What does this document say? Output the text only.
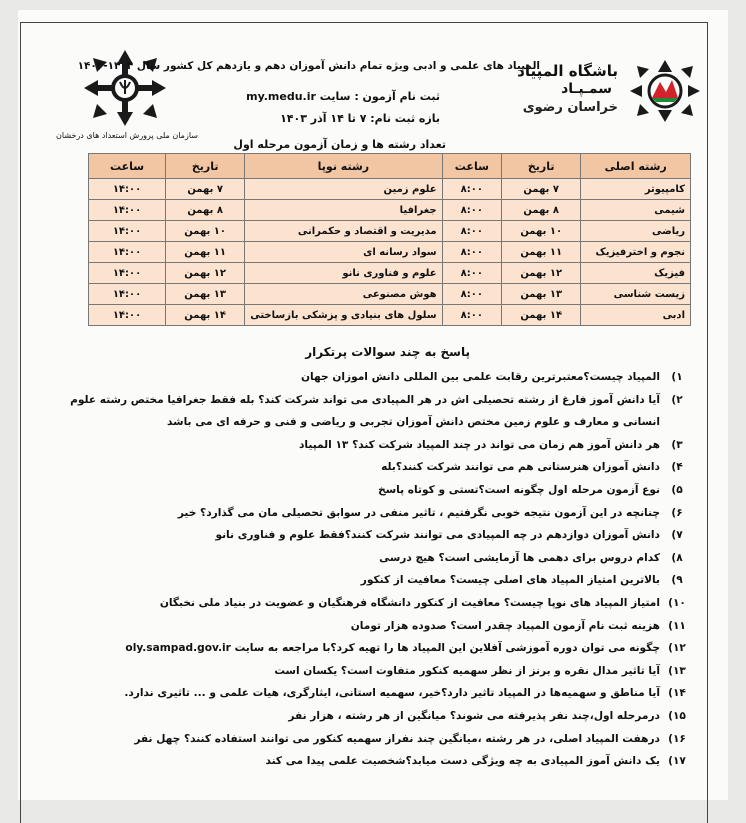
سازمان ملی پرورش استعداد های درخشان
باشگاه المپیاد
سمـپـاد
خراسان رضوی
المپیاد های علمی و ادبی ویژه تمام دانش آموزان دهم و یازدهم کل کشور سال ۱۴۰۴-۱۴۰۳
ثبت نام آزمون : سایت my.medu.ir
بازه ثبت نام: ۷ تا ۱۴ آذر ۱۴۰۳
تعداد رشته ها و زمان آزمون مرحله اول
رشته اصلی	تاریخ	ساعت	رشته نوپا	تاریخ	ساعت
کامپیوتر	۷ بهمن	۸:۰۰	علوم زمین	۷ بهمن	۱۴:۰۰
شیمی	۸ بهمن	۸:۰۰	جغرافیا	۸ بهمن	۱۴:۰۰
ریاضی	۱۰ بهمن	۸:۰۰	مدیریت و اقتصاد و حکمرانی	۱۰ بهمن	۱۴:۰۰
نجوم و اخترفیزیک	۱۱ بهمن	۸:۰۰	سواد رسانه ای	۱۱ بهمن	۱۴:۰۰
فیزیک	۱۲ بهمن	۸:۰۰	علوم و فناوری نانو	۱۲ بهمن	۱۴:۰۰
زیست شناسی	۱۳ بهمن	۸:۰۰	هوش مصنوعی	۱۳ بهمن	۱۴:۰۰
ادبی	۱۴ بهمن	۸:۰۰	سلول های بنیادی و پزشکی بازساختی	۱۴ بهمن	۱۴:۰۰
پاسخ به چند سوالات پرتکرار
۱)
المپیاد چیست؟معتبرترین رقابت علمی بین المللی دانش اموزان جهان
۲)
آیا دانش آموز فارغ از رشته تحصیلی اش در هر المپیادی می تواند شرکت کند؟ بله فقط جغرافیا مختص رشته علوم انسانی و معارف و علوم زمین مختص دانش آموزان تجربی و ریاضی و فنی و حرفه ای می باشد
۳)
هر دانش آموز هم زمان می تواند در چند المپیاد شرکت کند؟ ۱۳ المپیاد
۴)
دانش آموزان هنرستانی هم می توانند شرکت کنند؟بله
۵)
نوع آزمون مرحله اول چگونه است؟تستی و کوتاه پاسخ
۶)
چنانچه در این آزمون نتیجه خوبی نگرفتیم ، تاثیر منفی در سوابق تحصیلی مان می گذارد؟ خیر
۷)
دانش آموزان دوازدهم در چه المپیادی می توانند شرکت کنند؟فقط علوم و فناوری نانو
۸)
کدام دروس برای دهمی ها آزمایشی است؟ هیچ درسی
۹)
بالاترین امتیاز المپیاد های اصلی چیست؟ معافیت از کنکور
۱۰)
امتیاز المپیاد های نوپا چیست؟ معافیت از کنکور دانشگاه فرهنگیان و عضویت در بنیاد ملی نخبگان
۱۱)
هزینه ثبت نام آزمون المپیاد چقدر است؟ صدوده هزار تومان
۱۲)
چگونه می توان دوره آموزشی آفلاین این المپیاد ها را تهیه کرد؟با مراجعه به سایت oly.sampad.gov.ir
۱۳)
آیا تاثیر مدال نقره و برنز از نظر سهمیه کنکور متفاوت است؟ یکسان است
۱۴)
آیا مناطق و سهمیه‌ها در المپیاد تاثیر دارد؟خیر، سهمیه استانی، ایثارگری، هیات علمی و ... تاثیری ندارد.
۱۵)
درمرحله اول،چند نفر پذیرفته می شوند؟ میانگین از هر رشته ، هزار نفر
۱۶)
درهفت المپیاد اصلی، در هر رشته ،میانگین چند نفراز سهمیه کنکور می توانند استفاده کنند؟ چهل نفر
۱۷)
یک دانش آموز المپیادی به چه ویژگی دست میابد؟شخصیت علمی پیدا می کند
